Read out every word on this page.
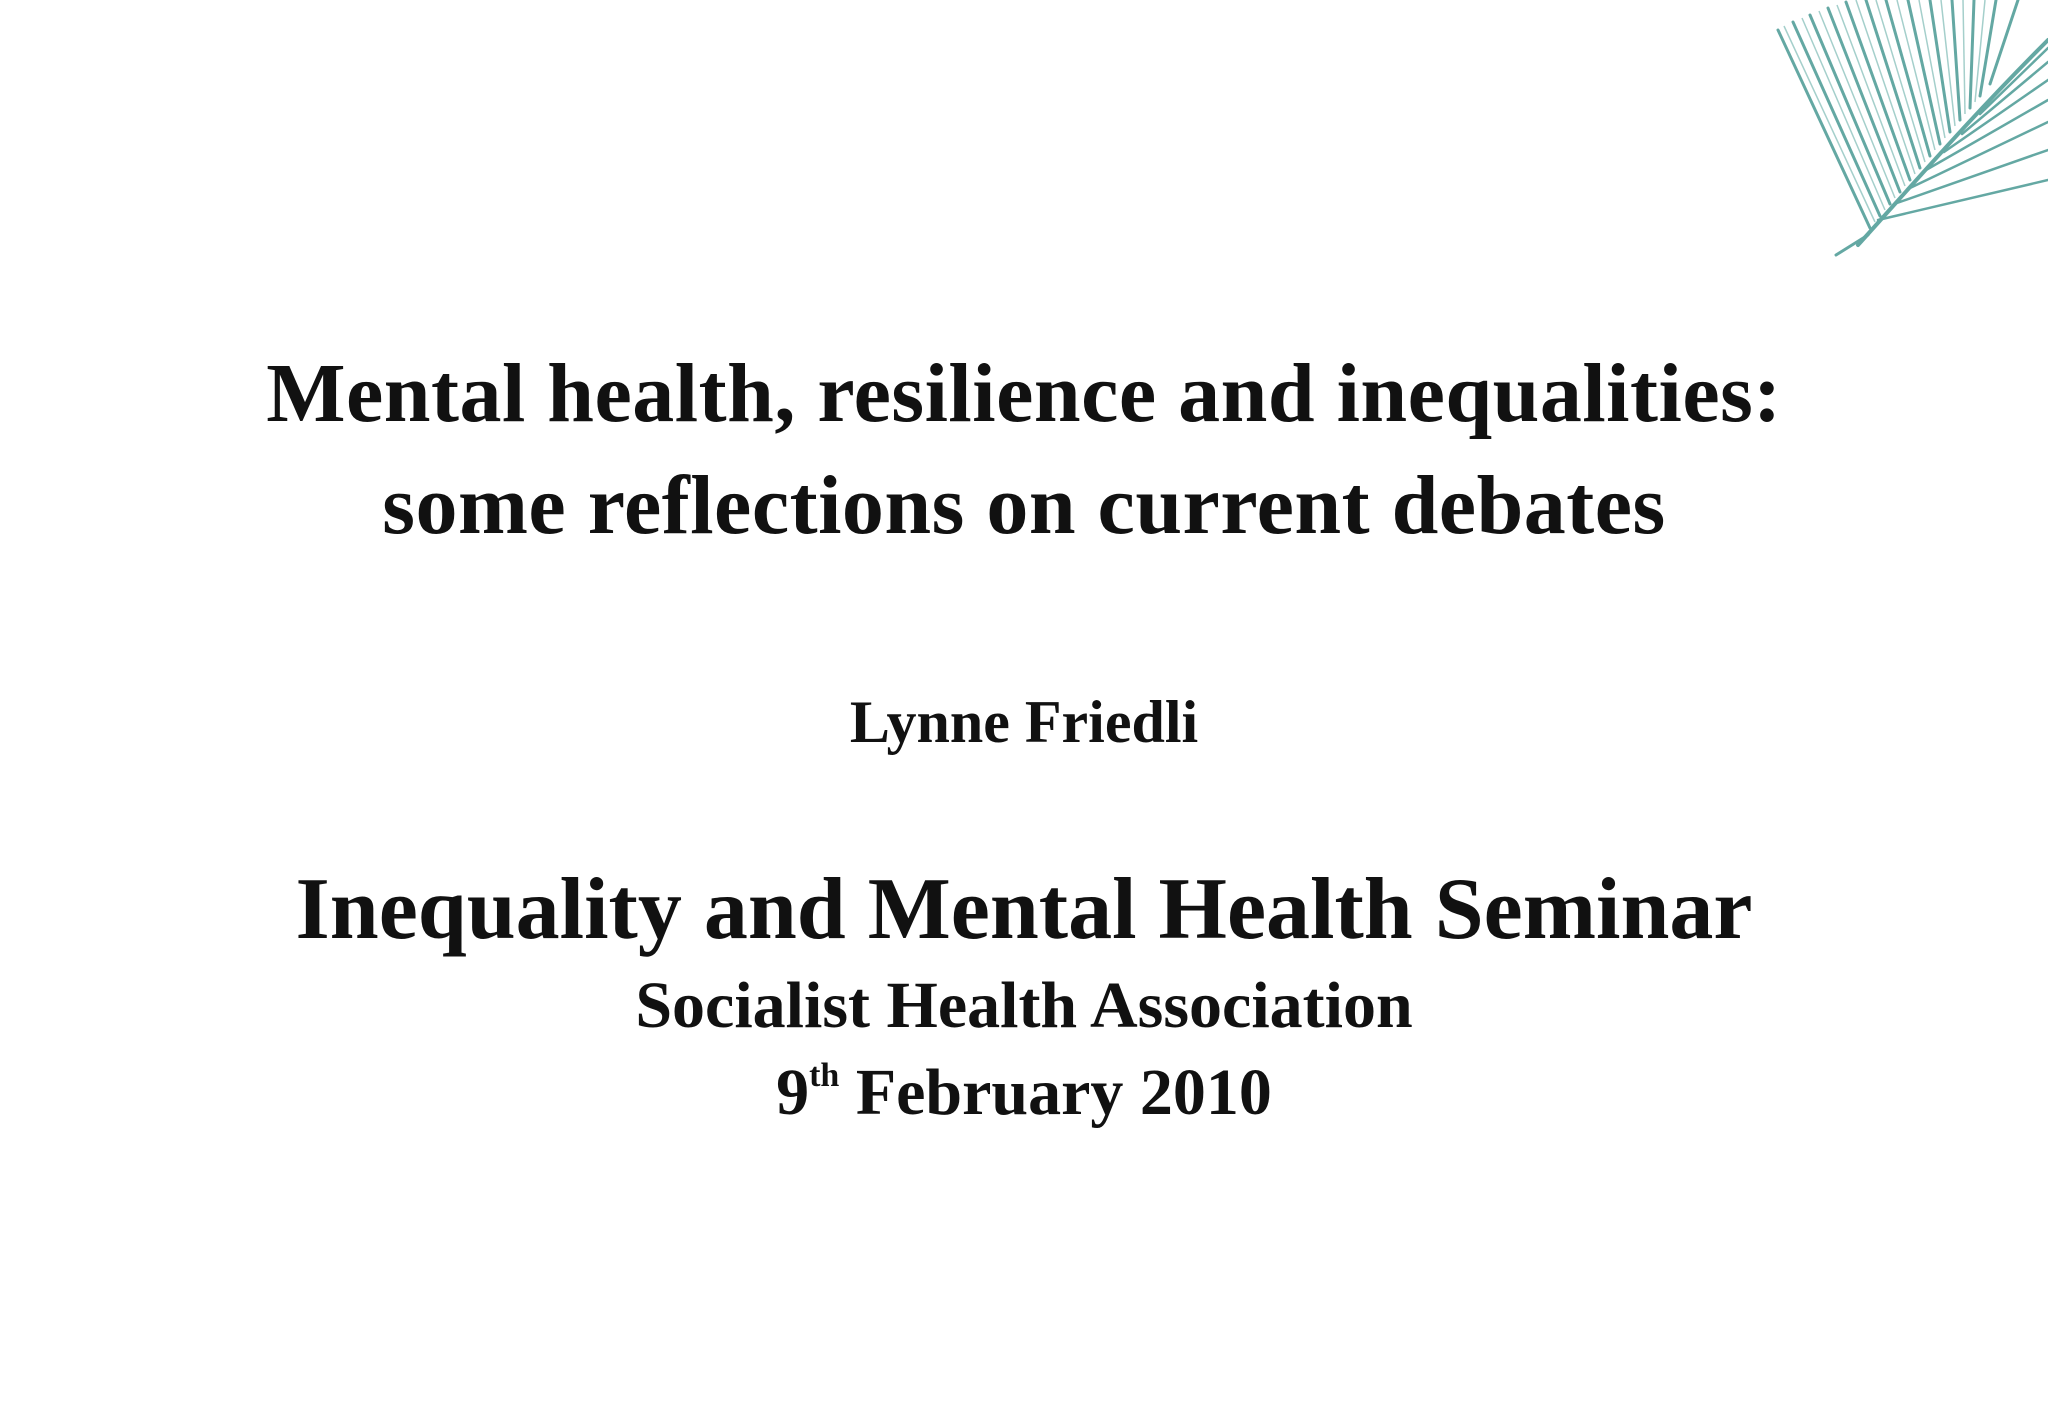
Mental health, resilience and inequalities:
some reflections on current debates
Lynne Friedli
Inequality and Mental Health Seminar
Socialist Health Association
9th February 2010
